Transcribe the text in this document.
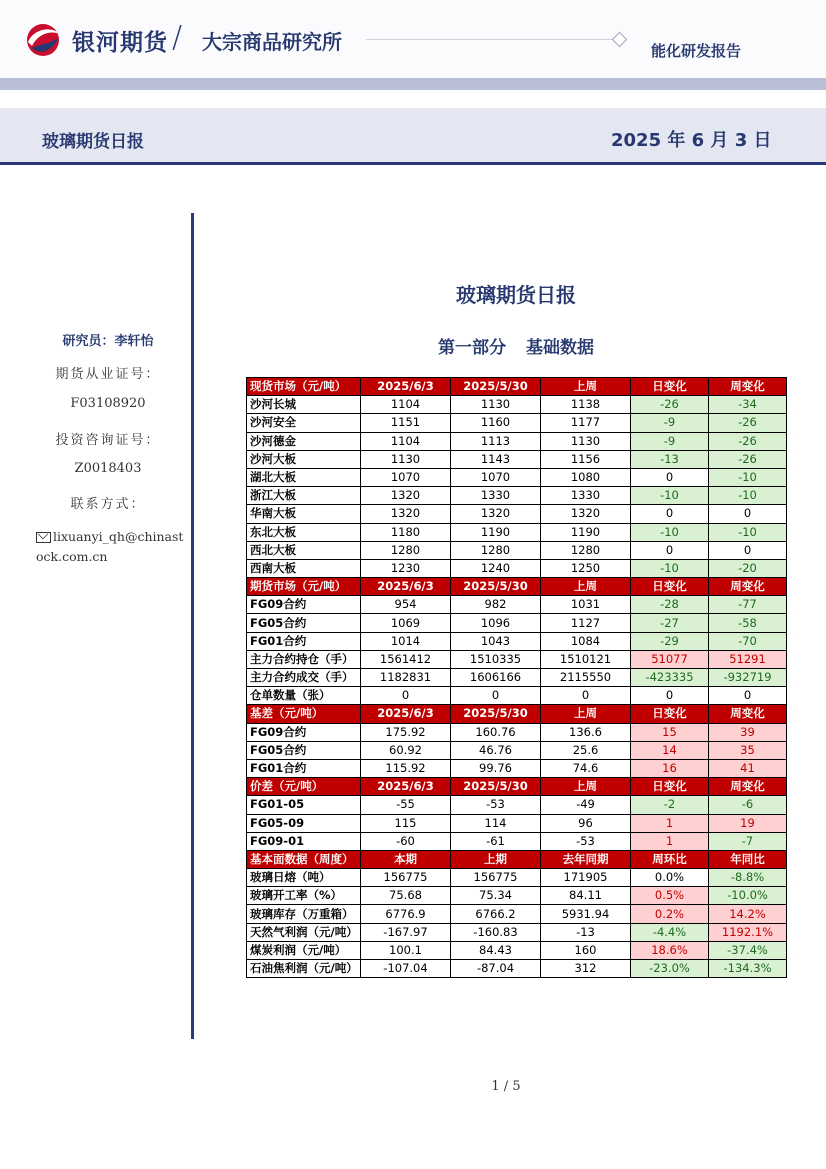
银河期货 / 大宗商品研究所	能化研发报告
玻璃期货日报	2025 年 6 月 3 日
研究员：李轩怡
期货从业证号：
F03108920
投资咨询证号：
Z0018403
联系方式：
lixuanyi_qh@chinastock.com.cn
玻璃期货日报
第一部分 基础数据
现货市场（元/吨）	2025/6/3	2025/5/30	上周	日变化	周变化
沙河长城	1104	1130	1138	-26	-34
沙河安全	1151	1160	1177	-9	-26
沙河德金	1104	1113	1130	-9	-26
沙河大板	1130	1143	1156	-13	-26
湖北大板	1070	1070	1080	0	-10
浙江大板	1320	1330	1330	-10	-10
华南大板	1320	1320	1320	0	0
东北大板	1180	1190	1190	-10	-10
西北大板	1280	1280	1280	0	0
西南大板	1230	1240	1250	-10	-20
期货市场（元/吨）	2025/6/3	2025/5/30	上周	日变化	周变化
FG09合约	954	982	1031	-28	-77
FG05合约	1069	1096	1127	-27	-58
FG01合约	1014	1043	1084	-29	-70
主力合约持仓（手）	1561412	1510335	1510121	51077	51291
主力合约成交（手）	1182831	1606166	2115550	-423335	-932719
仓单数量（张）	0	0	0	0	0
基差（元/吨）	2025/6/3	2025/5/30	上周	日变化	周变化
FG09合约	175.92	160.76	136.6	15	39
FG05合约	60.92	46.76	25.6	14	35
FG01合约	115.92	99.76	74.6	16	41
价差（元/吨）	2025/6/3	2025/5/30	上周	日变化	周变化
FG01-05	-55	-53	-49	-2	-6
FG05-09	115	114	96	1	19
FG09-01	-60	-61	-53	1	-7
基本面数据（周度）	本期	上期	去年同期	周环比	年同比
玻璃日熔（吨）	156775	156775	171905	0.0%	-8.8%
玻璃开工率（%）	75.68	75.34	84.11	0.5%	-10.0%
玻璃库存（万重箱）	6776.9	6766.2	5931.94	0.2%	14.2%
天然气利润（元/吨）	-167.97	-160.83	-13	-4.4%	1192.1%
煤炭利润（元/吨）	100.1	84.43	160	18.6%	-37.4%
石油焦利润（元/吨）	-107.04	-87.04	312	-23.0%	-134.3%
1 / 5
